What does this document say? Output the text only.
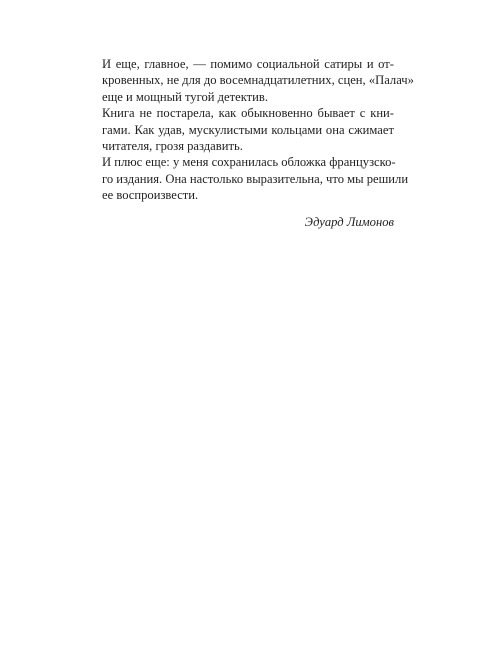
И еще, главное, — помимо социальной сатиры и от-
кровенных, не для до восемнадцатилетних, сцен, «Палач»
еще и мощный тугой детектив.

Книга не постарела, как обыкновенно бывает с кни-
гами. Как удав, мускулистыми кольцами она сжимает
читателя, грозя раздавить.

И плюс еще: у меня сохранилась обложка французско-
го издания. Она настолько выразительна, что мы решили
ее воспроизвести.

Эдуард Лимонов
